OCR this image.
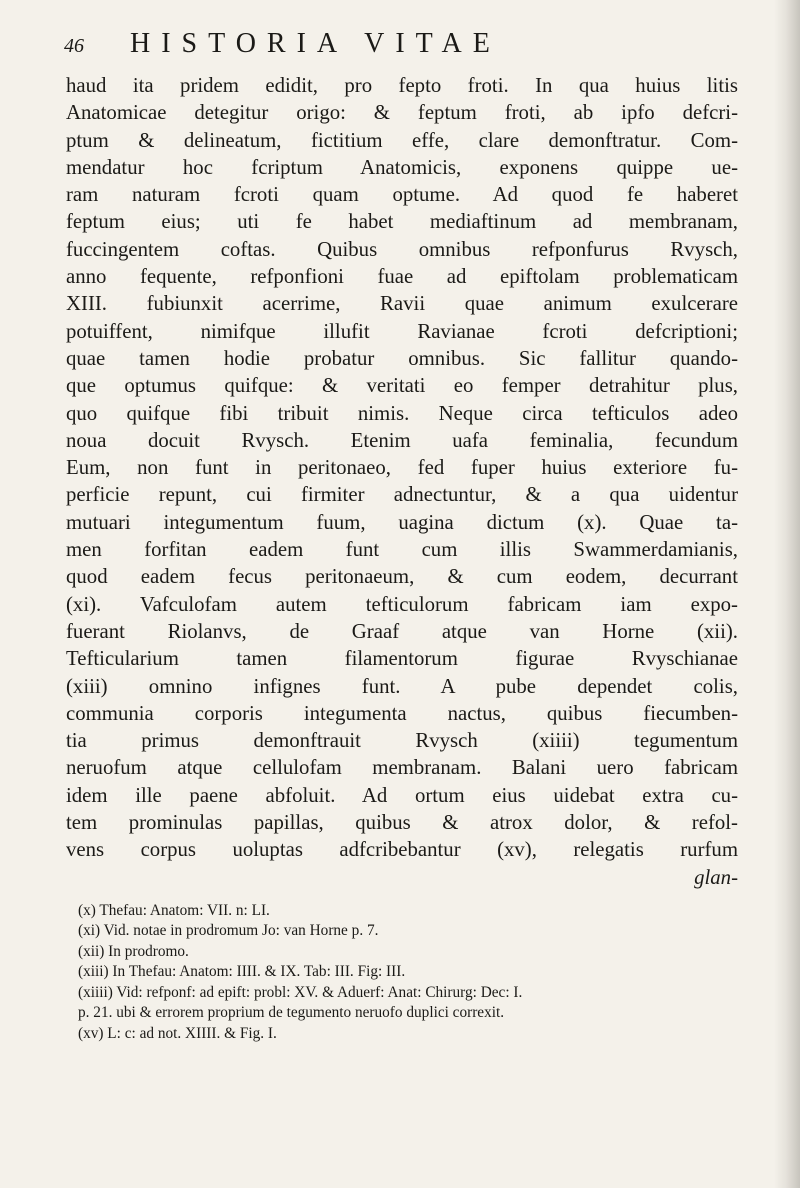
46	HISTORIA VITAE
haud ita pridem edidit, pro fepto froti. In qua huius litis
Anatomicae detegitur origo: & feptum froti, ab ipfo defcri-
ptum & delineatum, fictitium effe, clare demonftratur. Com-
mendatur hoc fcriptum Anatomicis, exponens quippe ue-
ram naturam fcroti quam optume. Ad quod fe haberet
feptum eius; uti fe habet mediaftinum ad membranam,
fuccingentem coftas. Quibus omnibus refponfurus Rvysch,
anno fequente, refponfioni fuae ad epiftolam problematicam
XIII. fubiunxit acerrime, Ravii quae animum exulcerare
potuiffent, nimifque illufit Ravianae fcroti defcriptioni;
quae tamen hodie probatur omnibus. Sic fallitur quando-
que optumus quifque: & veritati eo femper detrahitur plus,
quo quifque fibi tribuit nimis. Neque circa tefticulos adeo
noua docuit Rvysch. Etenim uafa feminalia, fecundum
Eum, non funt in peritonaeo, fed fuper huius exteriore fu-
perficie repunt, cui firmiter adnectuntur, & a qua uidentur
mutuari integumentum fuum, uagina dictum (x). Quae ta-
men forfitan eadem funt cum illis Swammerdamianis,
quod eadem fecus peritonaeum, & cum eodem, decurrant
(xi). Vafculofam autem tefticulorum fabricam iam expo-
fuerant Riolanvs, de Graaf atque van Horne (xii).
Tefticularium tamen filamentorum figurae Rvyschianae
(xiii) omnino infignes funt. A pube dependet colis,
communia corporis integumenta nactus, quibus fiecumben-
tia primus demonftrauit Rvysch (xiiii) tegumentum
neruofum atque cellulofam membranam. Balani uero fabricam
idem ille paene abfoluit. Ad ortum eius uidebat extra cu-
tem prominulas papillas, quibus & atrox dolor, & refol-
vens corpus uoluptas adfcribebantur (xv), relegatis rurfum
glan-
(x) Thefau: Anatom: VII. n: LI.
(xi) Vid. notae in prodromum Jo: van Horne p. 7.
(xii) In prodromo.
(xiii) In Thefau: Anatom: IIII. & IX. Tab: III. Fig: III.
(xiiii) Vid: refponf: ad epift: probl: XV. & Aduerf: Anat: Chirurg: Dec: I.
p. 21. ubi & errorem proprium de tegumento neruofo duplici correxit.
(xv) L: c: ad not. XIIII. & Fig. I.
